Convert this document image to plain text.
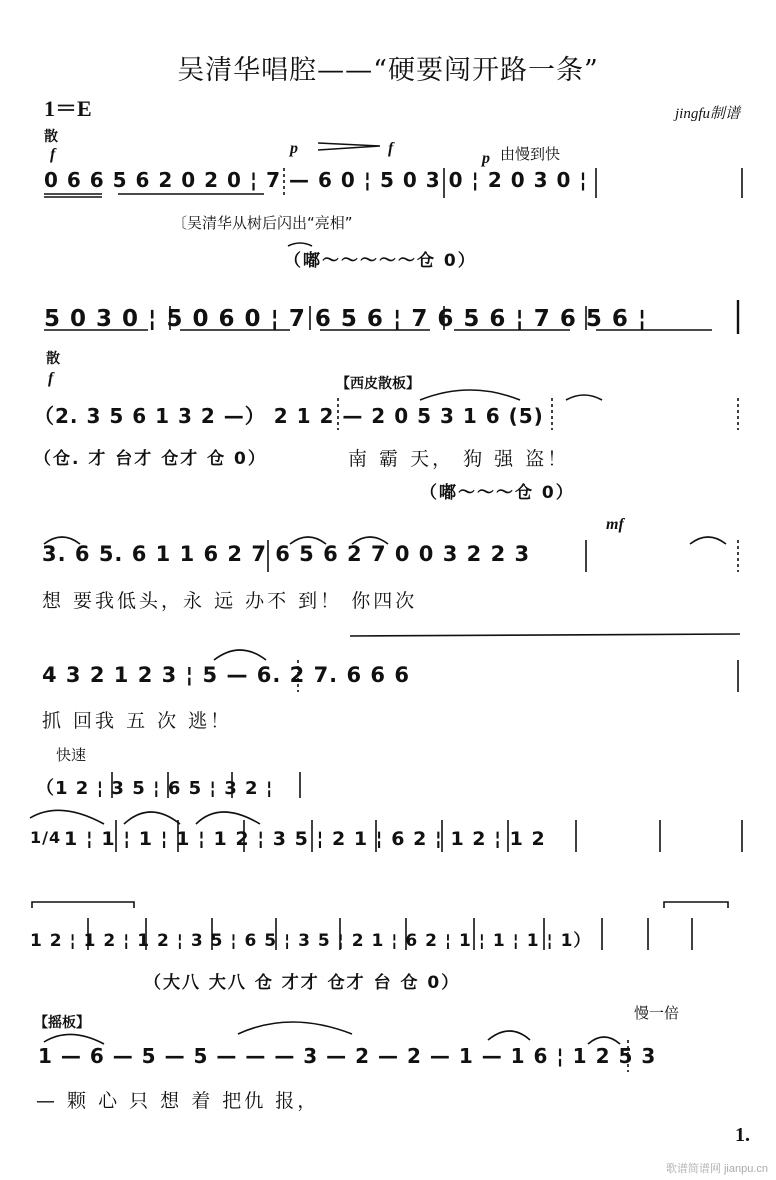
吴清华唱腔——“硬要闯开路一条”
1＝E	jingfu制谱
散
f	p	f
p 由慢到快
0 6 6 5 6 2 0 2 0 ¦ 7 — 6 0 ¦ 5 0 3 0 ¦ 2 0 3 0 ¦
〔吴清华从树后闪出“亮相”
（嘟～～～～～仓 0）
5 0 3 0 ¦ 5 0 6 0 ¦ 7 6 5 6 ¦ 7 6 5 6 ¦ 7 6 5 6 ¦
散
f	【西皮散板】
（2. 3 5 6 1 3 2 —） 2 1 2 — 2 0 5 3 1 6 (5)
（仓. 才 台才 仓才 仓 0）	南 霸 天， 狗 强 盗！
（嘟～～～仓 0）
mf
3. 6 5. 6 1 1 6 2 7 6 5 6 2 7 0 0 3 2 2 3
想 要我低头，永 远 办不 到！ 你四次
4 3 2 1 2 3 ¦ 5 — 6. 2 7. 6 6 6
抓 回我 五 次 逃！
快速
（1 2 ¦ 3 5 ¦ 6 5 ¦ 3 2 ¦
1/4 1 ¦ 1 ¦ 1 ¦ 1 ¦ 1 2 ¦ 3 5 ¦ 2 1 ¦ 6 2 ¦ 1 2 ¦ 1 2
1 2 ¦ 1 2 ¦ 1 2 ¦ 3 5 ¦ 6 5 ¦ 3 5 ¦ 2 1 ¦ 6 2 ¦ 1 ¦ 1 ¦ 1 ¦ 1）
（大八 大八 仓 才才 仓才 台 仓 0）
【摇板】	慢一倍
1 — 6 — 5 — 5 — — — 3 — 2 — 2 — 1 — 1 6 ¦ 1 2 5 3
— 颗 心 只 想 着 把仇 报，
1.
歌谱简谱网 jianpu.cn
